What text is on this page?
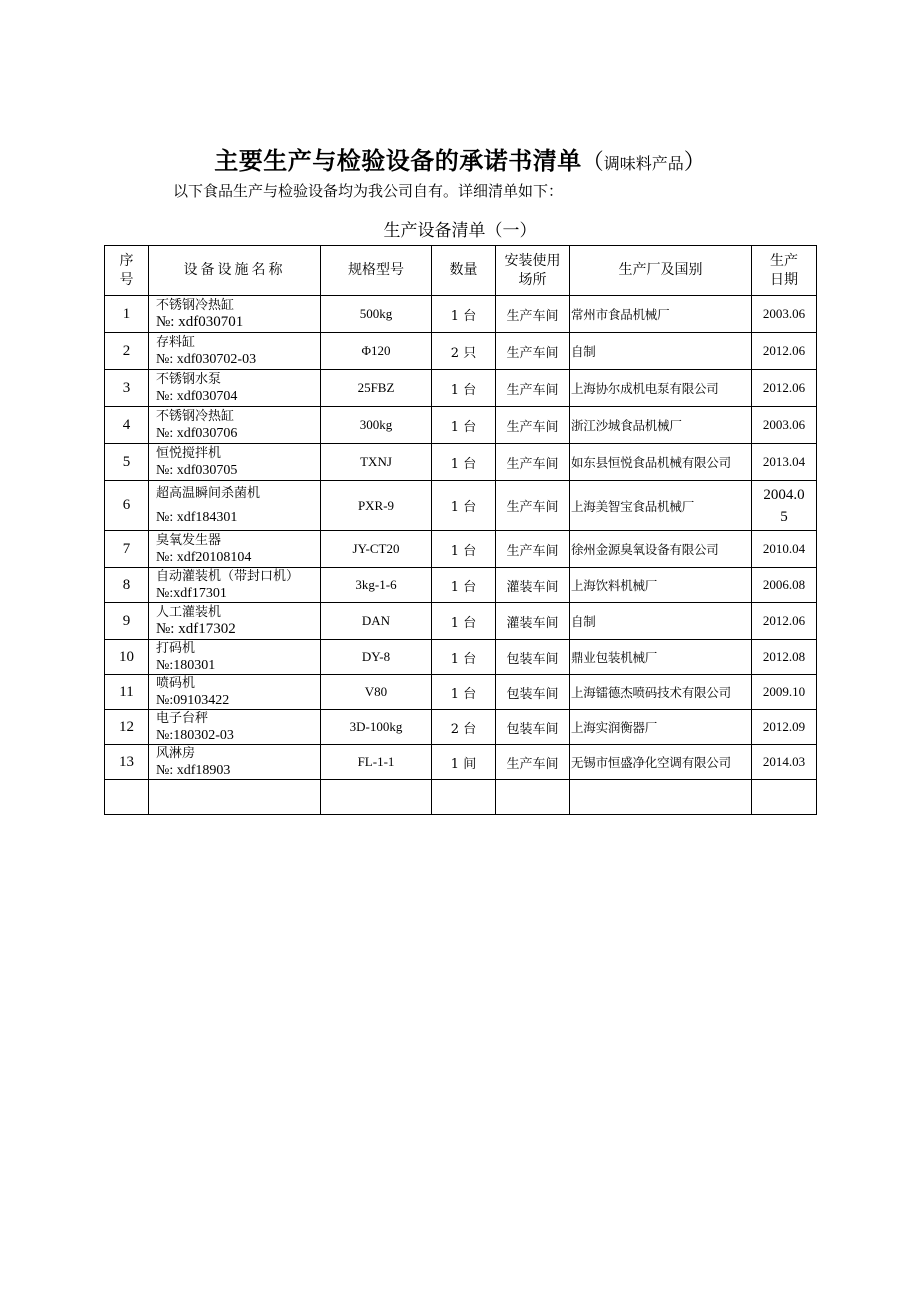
主要生产与检验设备的承诺书清单（调味料产品）
以下食品生产与检验设备均为我公司自有。详细清单如下：
生产设备清单（一）
序
号	设备设施名称	规格型号	数量	安装使用
场所	生产厂及国别	生产
日期
1	不锈钢冷热缸
№: xdf030701	500kg	1 台	生产车间	常州市食品机械厂	2003.06
2	存料缸
№: xdf030702-03	Φ120	2 只	生产车间	自制	2012.06
3	不锈钢水泵
№: xdf030704	25FBZ	1 台	生产车间	上海协尔成机电泵有限公司	2012.06
4	不锈钢冷热缸
№: xdf030706	300kg	1 台	生产车间	浙江沙城食品机械厂	2003.06
5	恒悦搅拌机
№: xdf030705	TXNJ	1 台	生产车间	如东县恒悦食品机械有限公司	2013.04
6	超高温瞬间杀菌机
№: xdf184301	PXR-9	1 台	生产车间	上海美智宝食品机械厂	2004.0
5
7	臭氧发生器
№: xdf20108104	JY-CT20	1 台	生产车间	徐州金源臭氧设备有限公司	2010.04
8	自动灌装机（带封口机）
№:xdf17301	3kg-1-6	1 台	灌装车间	上海饮料机械厂	2006.08
9	人工灌装机
№: xdf17302	DAN	1 台	灌装车间	自制	2012.06
10	打码机
№:180301	DY-8	1 台	包装车间	鼎业包装机械厂	2012.08
11	喷码机
№:09103422	V80	1 台	包装车间	上海镭德杰喷码技术有限公司	2009.10
12	电子台秤
№:180302-03	3D-100kg	2 台	包装车间	上海实润衡器厂	2012.09
13	风淋房
№: xdf18903	FL-1-1	1 间	生产车间	无锡市恒盛净化空调有限公司	2014.03
